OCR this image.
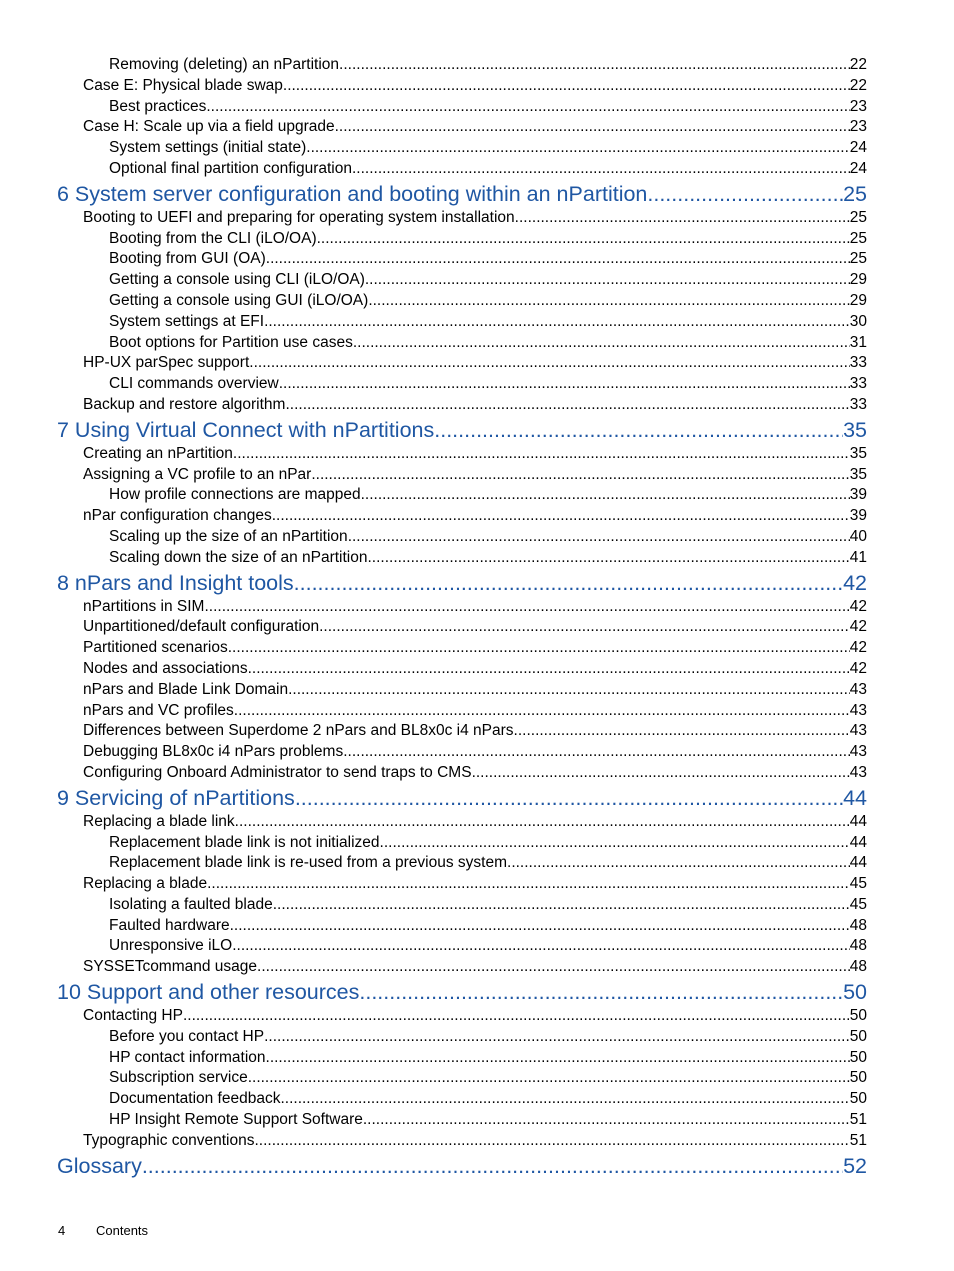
Removing (deleting) an nPartition .....	22
Case E: Physical blade swap .....	22
Best practices .....	23
Case H: Scale up via a field upgrade .....	23
System settings (initial state) .....	24
Optional final partition configuration .....	24
6 System server configuration and booting within an nPartition .....	25
Booting to UEFI and preparing for operating system installation .....	25
Booting from the CLI (iLO/OA) .....	25
Booting from GUI (OA) .....	25
Getting a console using CLI (iLO/OA) .....	29
Getting a console using GUI (iLO/OA) .....	29
System settings at EFI .....	30
Boot options for Partition use cases .....	31
HP-UX parSpec support .....	33
CLI commands overview .....	33
Backup and restore algorithm .....	33
7 Using Virtual Connect with nPartitions .....	35
Creating an nPartition .....	35
Assigning a VC profile to an nPar .....	35
How profile connections are mapped .....	39
nPar configuration changes .....	39
Scaling up the size of an nPartition .....	40
Scaling down the size of an nPartition .....	41
8 nPars and Insight tools .....	42
nPartitions in SIM .....	42
Unpartitioned/default configuration .....	42
Partitioned scenarios .....	42
Nodes and associations .....	42
nPars and Blade Link Domain .....	43
nPars and VC profiles .....	43
Differences between Superdome 2 nPars and BL8x0c i4 nPars .....	43
Debugging BL8x0c i4 nPars problems .....	43
Configuring Onboard Administrator to send traps to CMS .....	43
9 Servicing of nPartitions .....	44
Replacing a blade link .....	44
Replacement blade link is not initialized .....	44
Replacement blade link is re-used from a previous system .....	44
Replacing a blade .....	45
Isolating a faulted blade .....	45
Faulted hardware .....	48
Unresponsive iLO .....	48
SYSSETcommand usage .....	48
10 Support and other resources .....	50
Contacting HP .....	50
Before you contact HP .....	50
HP contact information .....	50
Subscription service .....	50
Documentation feedback .....	50
HP Insight Remote Support Software .....	51
Typographic conventions .....	51
Glossary .....	52
4 Contents
